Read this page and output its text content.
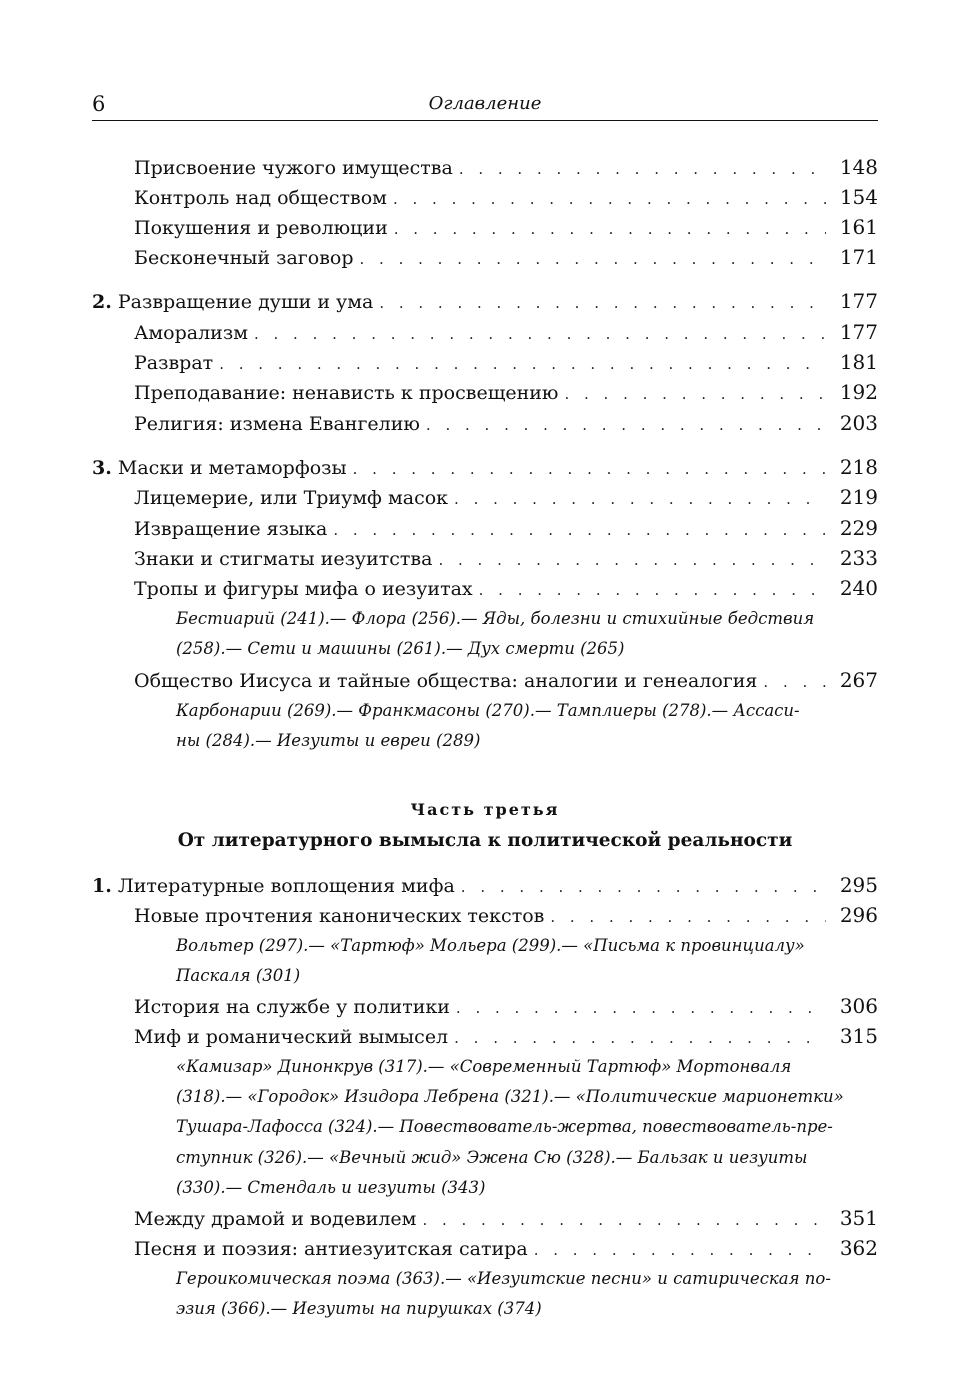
6	Оглавление
Присвоение чужого имущества . . .	148
Контроль над обществом . . .	154
Покушения и революции . . .	161
Бесконечный заговор . . .	171
2. Развращение души и ума . . .	177
Аморализм . . .	177
Разврат . . .	181
Преподавание: ненависть к просвещению . . .	192
Религия: измена Евангелию . . .	203
3. Маски и метаморфозы . . .	218
Лицемерие, или Триумф масок . . .	219
Извращение языка . . .	229
Знаки и стигматы иезуитства . . .	233
Тропы и фигуры мифа о иезуитах . . .	240
Бестиарий (241).— Флора (256).— Яды, болезни и стихийные бедствия
(258).— Сети и машины (261).— Дух смерти (265)
Общество Иисуса и тайные общества: аналогии и генеалогия . . .	267
Карбонарии (269).— Франкмасоны (270).— Тамплиеры (278).— Ассаси-
ны (284).— Иезуиты и евреи (289)
Часть третья
От литературного вымысла к политической реальности
1. Литературные воплощения мифа . . .	295
Новые прочтения канонических текстов . . .	296
Вольтер (297).— «Тартюф» Мольера (299).— «Письма к провинциалу»
Паскаля (301)
История на службе у политики . . .	306
Миф и романический вымысел . . .	315
«Камизар» Динонкрув (317).— «Современный Тартюф» Мортонваля
(318).— «Городок» Изидора Лебрена (321).— «Политические марионетки»
Тушара-Лафосса (324).— Повествователь-жертва, повествователь-пре-
ступник (326).— «Вечный жид» Эжена Сю (328).— Бальзак и иезуиты
(330).— Стендаль и иезуиты (343)
Между драмой и водевилем . . .	351
Песня и поэзия: антиезуитская сатира . . .	362
Героикомическая поэма (363).— «Иезуитские песни» и сатирическая по-
эзия (366).— Иезуиты на пирушках (374)
